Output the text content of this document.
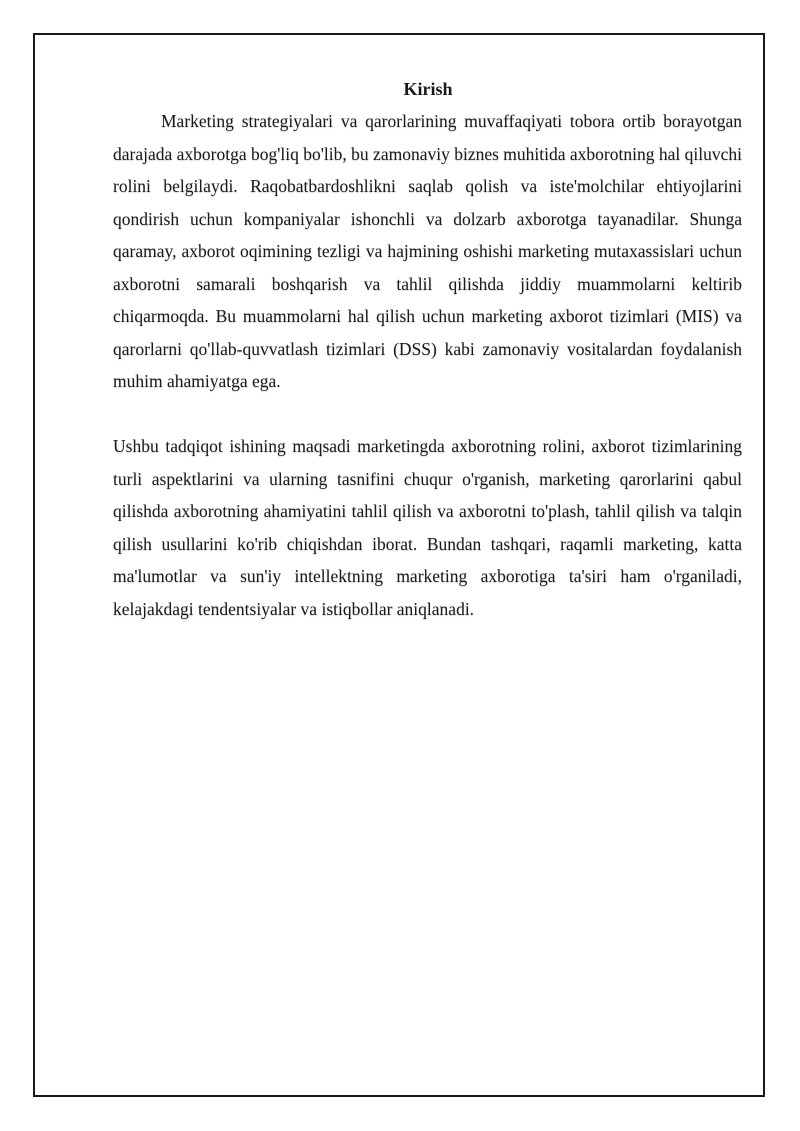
Kirish

Marketing strategiyalari va qarorlarining muvaffaqiyati tobora ortib borayotgan darajada axborotga bog'liq bo'lib, bu zamonaviy biznes muhitida axborotning hal qiluvchi rolini belgilaydi. Raqobatbardoshlikni saqlab qolish va iste'molchilar ehtiyojlarini qondirish uchun kompaniyalar ishonchli va dolzarb axborotga tayanadilar. Shunga qaramay, axborot oqimining tezligi va hajmining oshishi marketing mutaxassislari uchun axborotni samarali boshqarish va tahlil qilishda jiddiy muammolarni keltirib chiqarmoqda. Bu muammolarni hal qilish uchun marketing axborot tizimlari (MIS) va qarorlarni qo'llab-quvvatlash tizimlari (DSS) kabi zamonaviy vositalardan foydalanish muhim ahamiyatga ega.

Ushbu tadqiqot ishining maqsadi marketingda axborotning rolini, axborot tizimlarining turli aspektlarini va ularning tasnifini chuqur o'rganish, marketing qarorlarini qabul qilishda axborotning ahamiyatini tahlil qilish va axborotni to'plash, tahlil qilish va talqin qilish usullarini ko'rib chiqishdan iborat. Bundan tashqari, raqamli marketing, katta ma'lumotlar va sun'iy intellektning marketing axborotiga ta'siri ham o'rganiladi, kelajakdagi tendentsiyalar va istiqbollar aniqlanadi.
